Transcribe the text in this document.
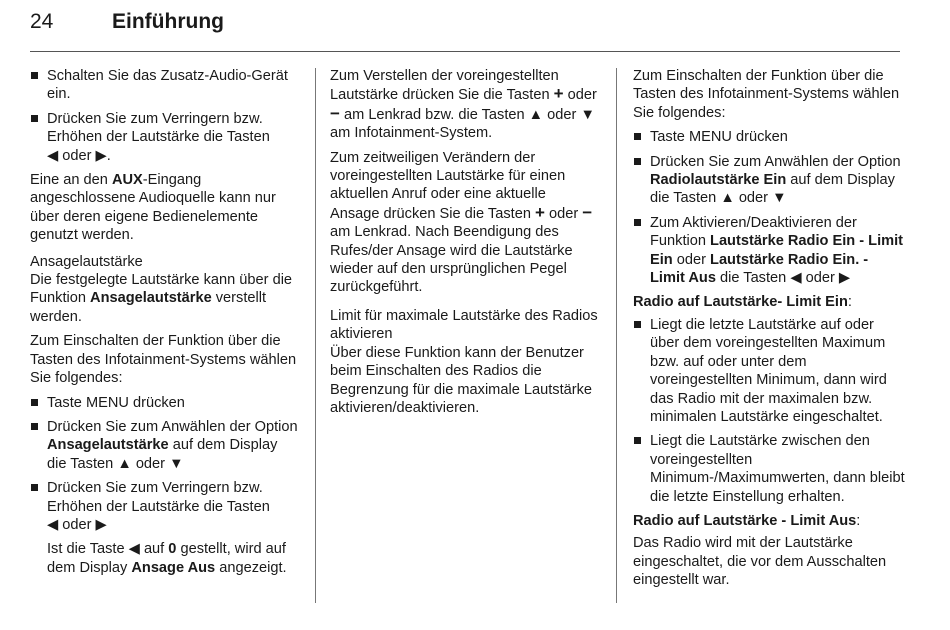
24	Einführung
Schalten Sie das Zusatz-Audio-Gerät ein.
Drücken Sie zum Verringern bzw. Erhöhen der Lautstärke die Tasten
◀ oder ▶.

Eine an den AUX-Eingang angeschlossene Audioquelle kann nur über deren eigene Bedienelemente genutzt werden.

Ansagelautstärke

Die festgelegte Lautstärke kann über die Funktion Ansagelautstärke verstellt werden.

Zum Einschalten der Funktion über die Tasten des Infotainment-Systems wählen Sie folgendes:

Taste MENU drücken
Drücken Sie zum Anwählen der Option Ansagelautstärke auf dem Display die Tasten ▲ oder ▼
Drücken Sie zum Verringern bzw. Erhöhen der Lautstärke die Tasten
◀ oder ▶

Ist die Taste ◀ auf 0 gestellt, wird auf dem Display Ansage Aus angezeigt.

Zum Verstellen der voreingestellten Lautstärke drücken Sie die Tasten + oder − am Lenkrad bzw. die Tasten ▲ oder ▼ am Infotainment-System.

Zum zeitweiligen Verändern der voreingestellten Lautstärke für einen aktuellen Anruf oder eine aktuelle Ansage drücken Sie die Tasten + oder − am Lenkrad. Nach Beendigung des Rufes/der Ansage wird die Lautstärke wieder auf den ursprünglichen Pegel zurückgeführt.

Limit für maximale Lautstärke des Radios aktivieren

Über diese Funktion kann der Benutzer beim Einschalten des Radios die Begrenzung für die maximale Lautstärke aktivieren/deaktivieren.

Zum Einschalten der Funktion über die Tasten des Infotainment-Systems wählen Sie folgendes:

Taste MENU drücken
Drücken Sie zum Anwählen der Option Radiolautstärke Ein auf dem Display die Tasten ▲ oder ▼
Zum Aktivieren/Deaktivieren der Funktion Lautstärke Radio Ein - Limit Ein oder Lautstärke Radio Ein. - Limit Aus die Tasten ◀ oder ▶

Radio auf Lautstärke- Limit Ein:

Liegt die letzte Lautstärke auf oder über dem voreingestellten Maximum bzw. auf oder unter dem voreingestellten Minimum, dann wird das Radio mit der maximalen bzw. minimalen Lautstärke eingeschaltet.
Liegt die Lautstärke zwischen den voreingestellten Minimum-/Maximumwerten, dann bleibt die letzte Einstellung erhalten.

Radio auf Lautstärke - Limit Aus:

Das Radio wird mit der Lautstärke eingeschaltet, die vor dem Ausschalten eingestellt war.
